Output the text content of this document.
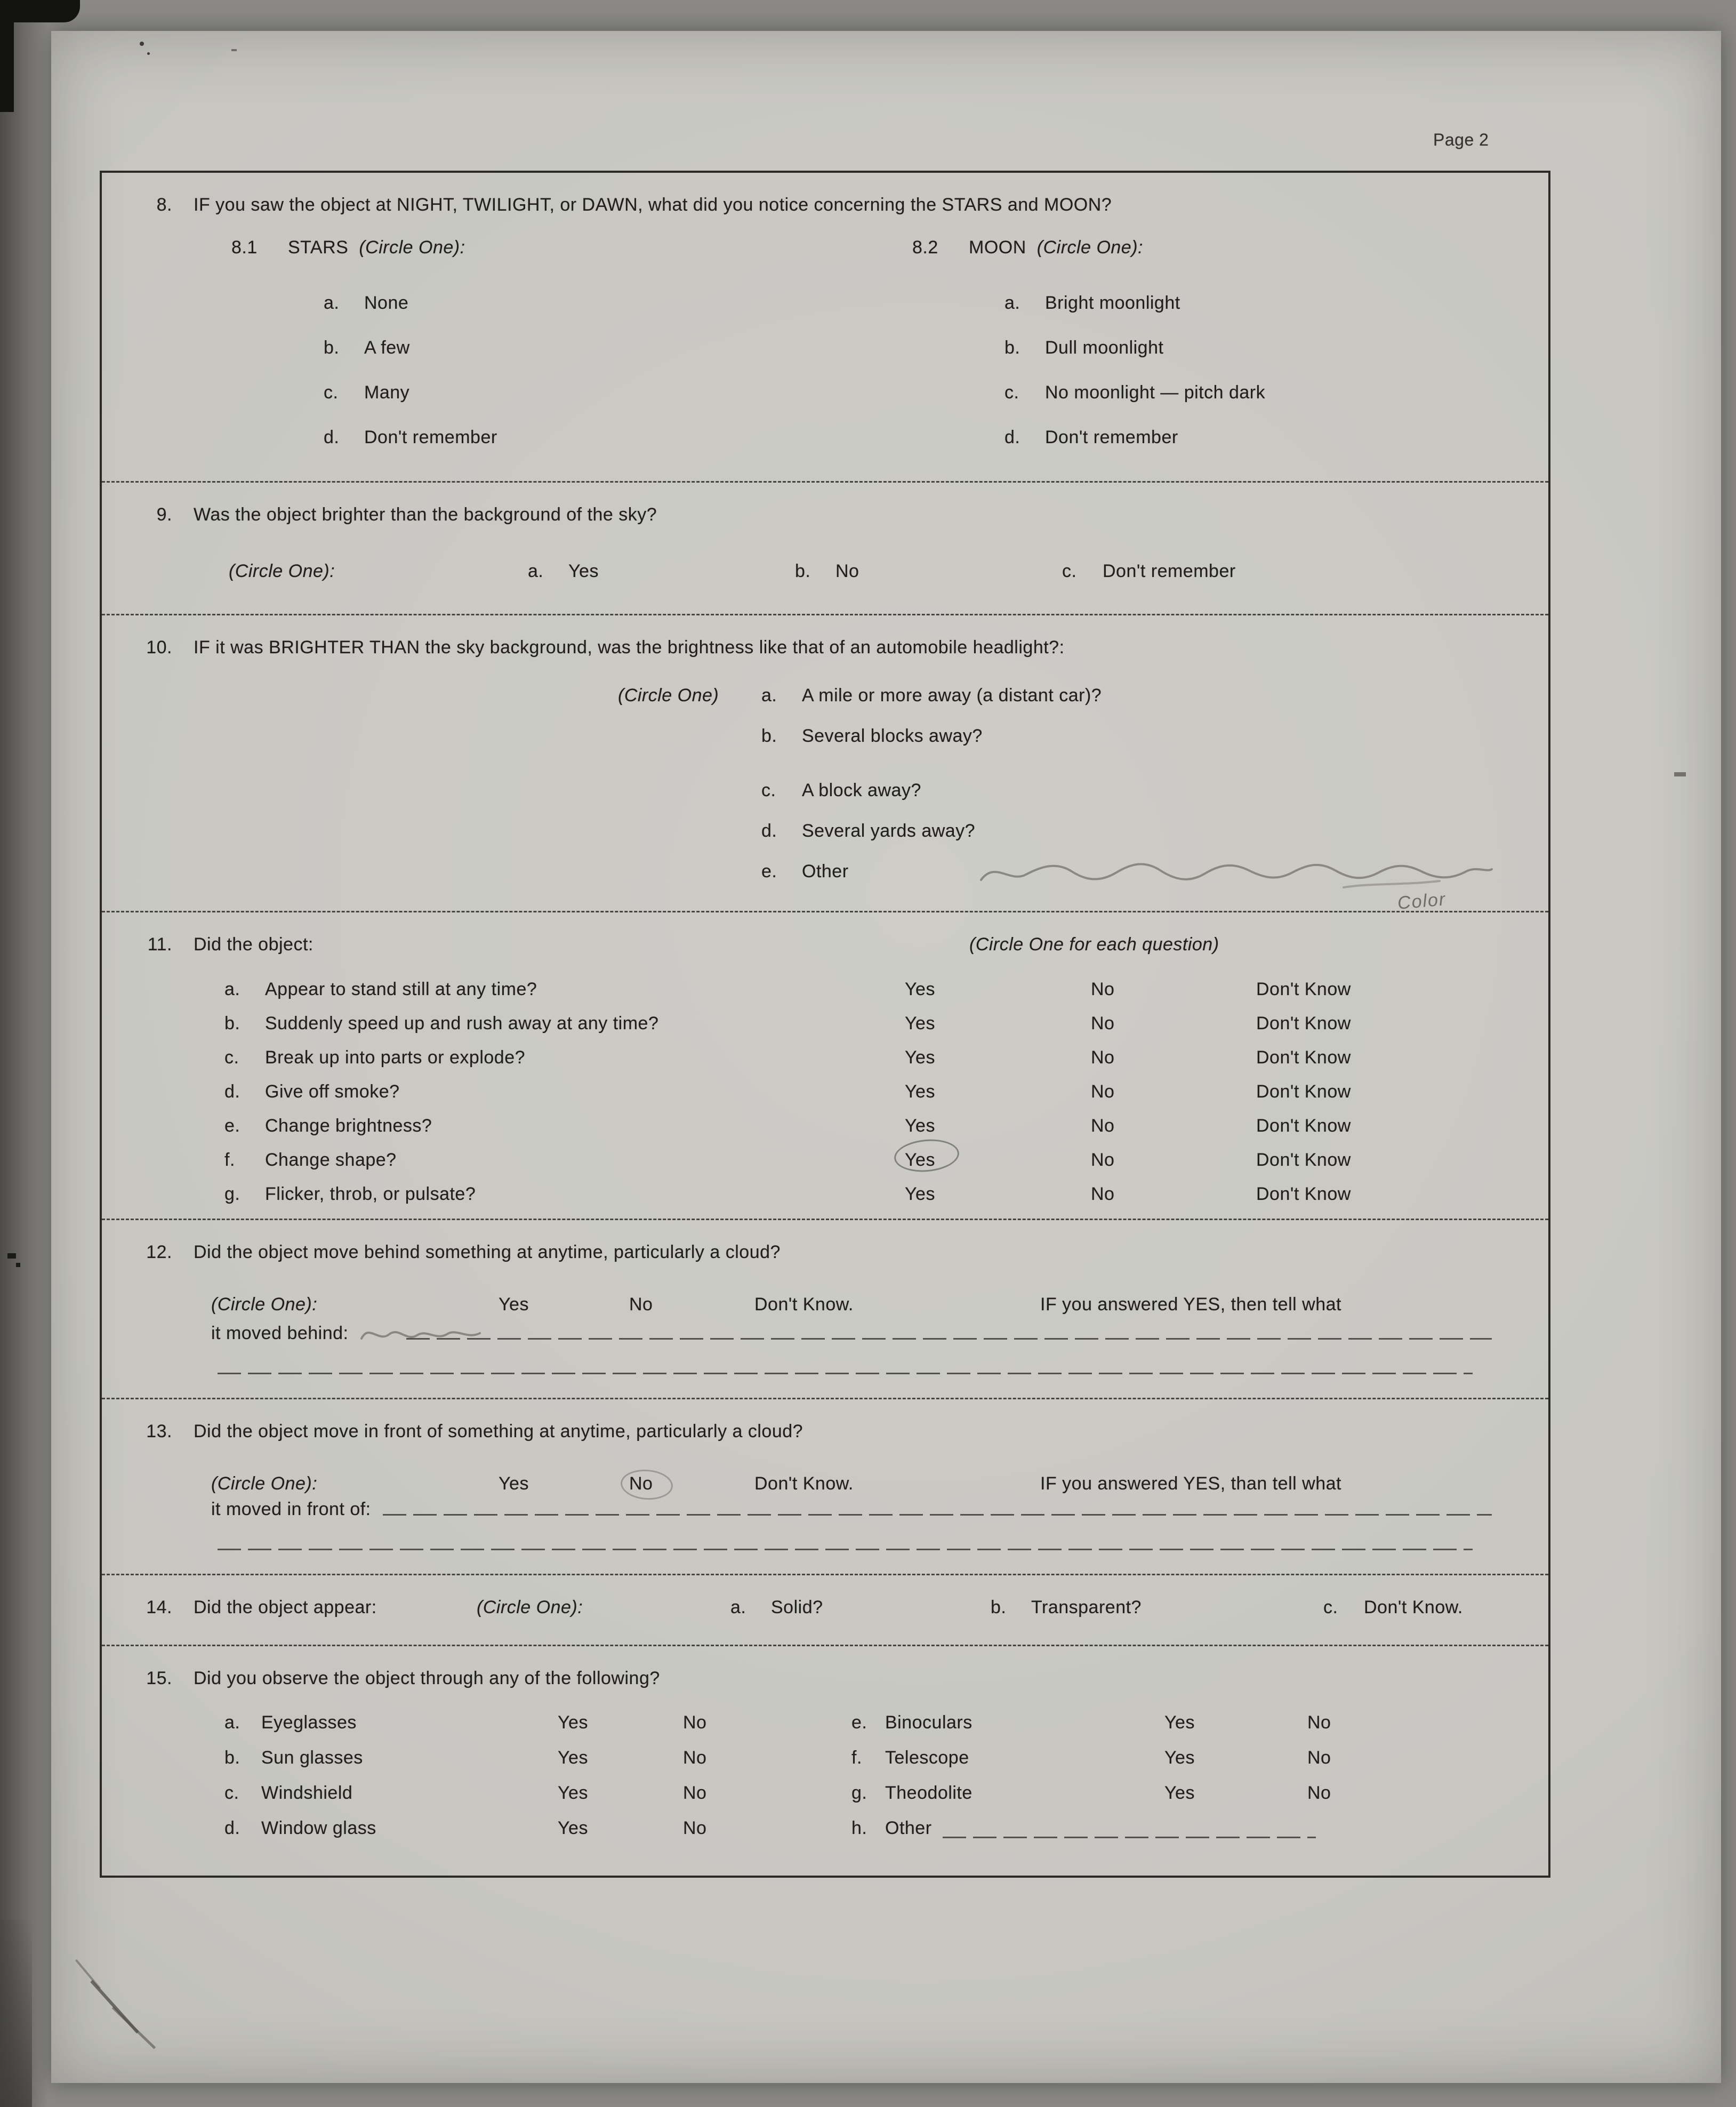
Page 2
8. IF you saw the object at NIGHT, TWILIGHT, or DAWN, what did you notice concerning the STARS and MOON?
8.1 STARS (Circle One):
a.	None
b.	A few
c.	Many
d.	Don't remember
8.2 MOON (Circle One):
a.	Bright moonlight
b.	Dull moonlight
c.	No moonlight — pitch dark
d.	Don't remember
9. Was the object brighter than the background of the sky?
(Circle One):	a.	Yes	b.	No	c.	Don't remember
10. IF it was BRIGHTER THAN the sky background, was the brightness like that of an automobile headlight?:
(Circle One) a.	A mile or more away (a distant car)?
b.	Several blocks away?
c.	A block away?
d.	Several yards away?
e.	Other
Color
11. Did the object:	(Circle One for each question)
a.	Appear to stand still at any time?	Yes	No	Don't Know
b.	Suddenly speed up and rush away at any time?	Yes	No	Don't Know
c.	Break up into parts or explode?	Yes	No	Don't Know
d.	Give off smoke?	Yes	No	Don't Know
e.	Change brightness?	Yes	No	Don't Know
f.	Change shape?	Yes	No	Don't Know
g.	Flicker, throb, or pulsate?	Yes	No	Don't Know
12. Did the object move behind something at anytime, particularly a cloud?
(Circle One):	Yes	No	Don't Know.	IF you answered YES, then tell what
it moved behind:
13. Did the object move in front of something at anytime, particularly a cloud?
(Circle One):	Yes	No	Don't Know.	IF you answered YES, than tell what
it moved in front of:
14. Did the object appear:	(Circle One):	a.	Solid?	b.	Transparent?	c.	Don't Know.
15. Did you observe the object through any of the following?
a.	Eyeglasses	Yes	No	e. Binoculars	Yes	No
b.	Sun glasses	Yes	No	f.	Telescope	Yes	No
c.	Windshield	Yes	No	g. Theodolite	Yes	No
d.	Window glass	Yes	No	h. Other
